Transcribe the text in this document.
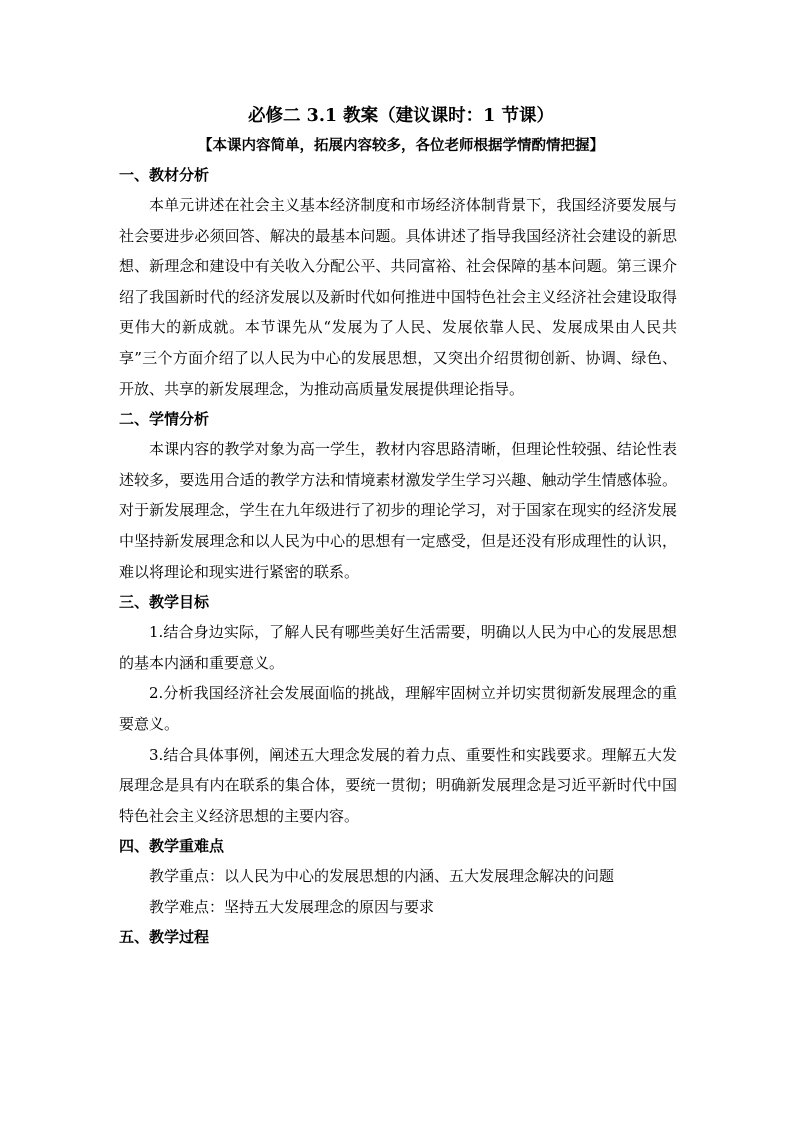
必修二 3.1 教案（建议课时：1 节课）

【本课内容简单，拓展内容较多，各位老师根据学情酌情把握】

一、教材分析

本单元讲述在社会主义基本经济制度和市场经济体制背景下，我国经济要发展与社会要进步必须回答、解决的最基本问题。具体讲述了指导我国经济社会建设的新思想、新理念和建设中有关收入分配公平、共同富裕、社会保障的基本问题。第三课介绍了我国新时代的经济发展以及新时代如何推进中国特色社会主义经济社会建设取得更伟大的新成就。本节课先从“发展为了人民、发展依靠人民、发展成果由人民共享”三个方面介绍了以人民为中心的发展思想，又突出介绍贯彻创新、协调、绿色、开放、共享的新发展理念，为推动高质量发展提供理论指导。

二、学情分析

本课内容的教学对象为高一学生，教材内容思路清晰，但理论性较强、结论性表述较多，要选用合适的教学方法和情境素材激发学生学习兴趣、触动学生情感体验。对于新发展理念，学生在九年级进行了初步的理论学习，对于国家在现实的经济发展中坚持新发展理念和以人民为中心的思想有一定感受，但是还没有形成理性的认识，难以将理论和现实进行紧密的联系。

三、教学目标

1.结合身边实际，了解人民有哪些美好生活需要，明确以人民为中心的发展思想的基本内涵和重要意义。

2.分析我国经济社会发展面临的挑战，理解牢固树立并切实贯彻新发展理念的重要意义。

3.结合具体事例，阐述五大理念发展的着力点、重要性和实践要求。理解五大发展理念是具有内在联系的集合体，要统一贯彻；明确新发展理念是习近平新时代中国特色社会主义经济思想的主要内容。

四、教学重难点

教学重点：以人民为中心的发展思想的内涵、五大发展理念解决的问题

教学难点：坚持五大发展理念的原因与要求

五、教学过程
